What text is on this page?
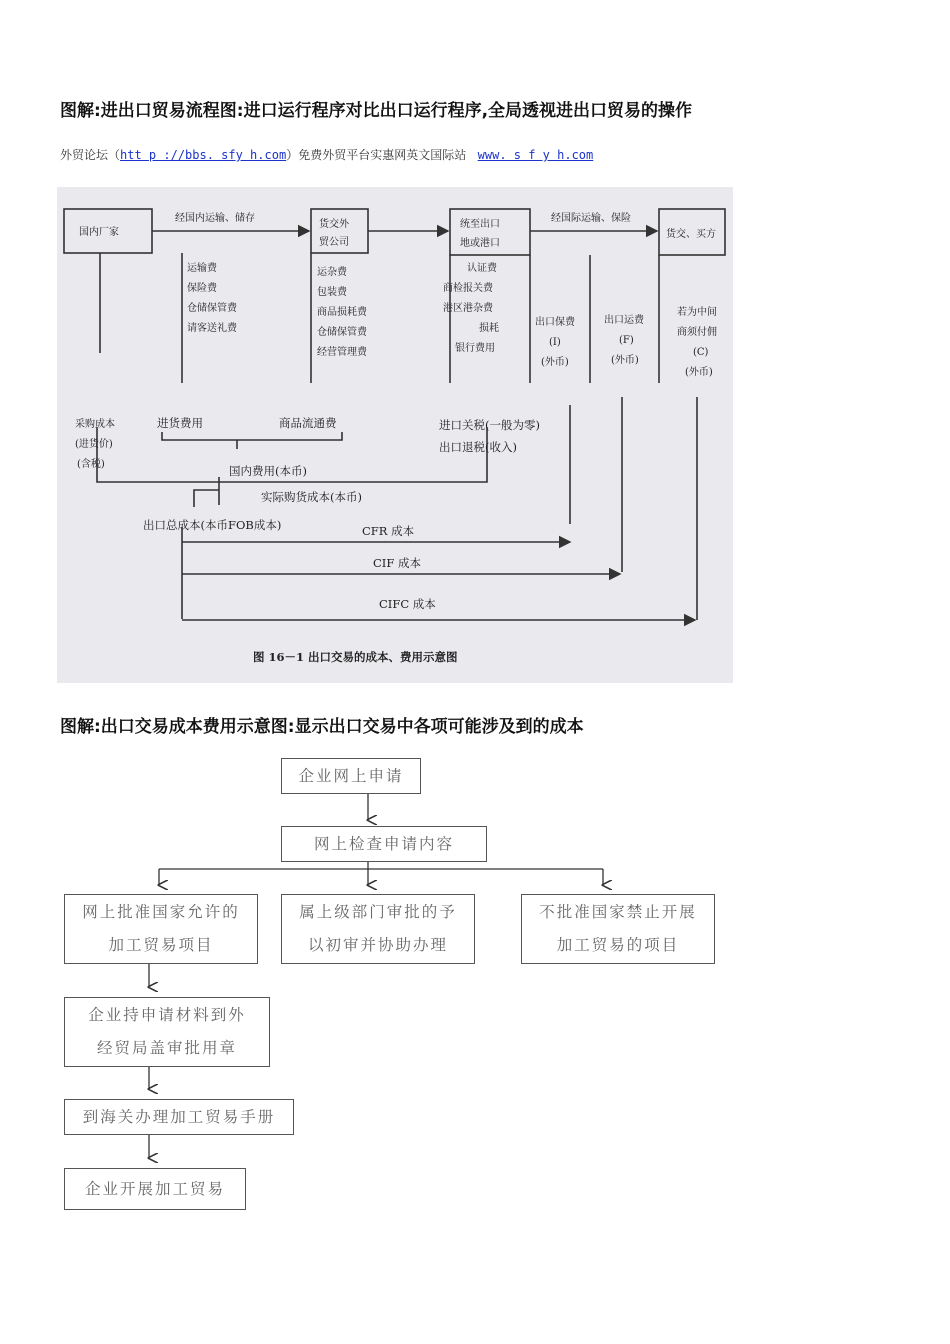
图解:进出口贸易流程图:进口运行程序对比出口运行程序,全局透视进出口贸易的操作
外贸论坛（htt p ://bbs. sfy h.com）免费外贸平台实惠网英文国际站 www. s f y h.com
国内厂家
货交外
贸公司
统至出口
地或港口
货交、买方
经国内运输、储存	经国际运输、保险
运输费
保险费
仓储保管费
请客送礼费
运杂费
包装费
商品损耗费
仓储保管费
经营管理费
认证费
商检报关费
港区港杂费
损耗
银行费用
出口保费
(I)
(外币)
出口运费
(F)
(外币)
若为中间
商须付佣
(C)
(外币)
采购成本
(进货价)
(含税)
进货费用	商品流通费	进口关税(一般为零)
出口退税(收入)
国内费用(本币)
实际购货成本(本币)
出口总成本(本币FOB成本)	CFR 成本
CIF 成本
CIFC 成本
图 16－1 出口交易的成本、费用示意图
图解:出口交易成本费用示意图:显示出口交易中各项可能涉及到的成本
企业网上申请
网上检查申请内容
网上批准国家允许的
加工贸易项目
属上级部门审批的予
以初审并协助办理
不批准国家禁止开展
加工贸易的项目
企业持申请材料到外
经贸局盖审批用章
到海关办理加工贸易手册
企业开展加工贸易
